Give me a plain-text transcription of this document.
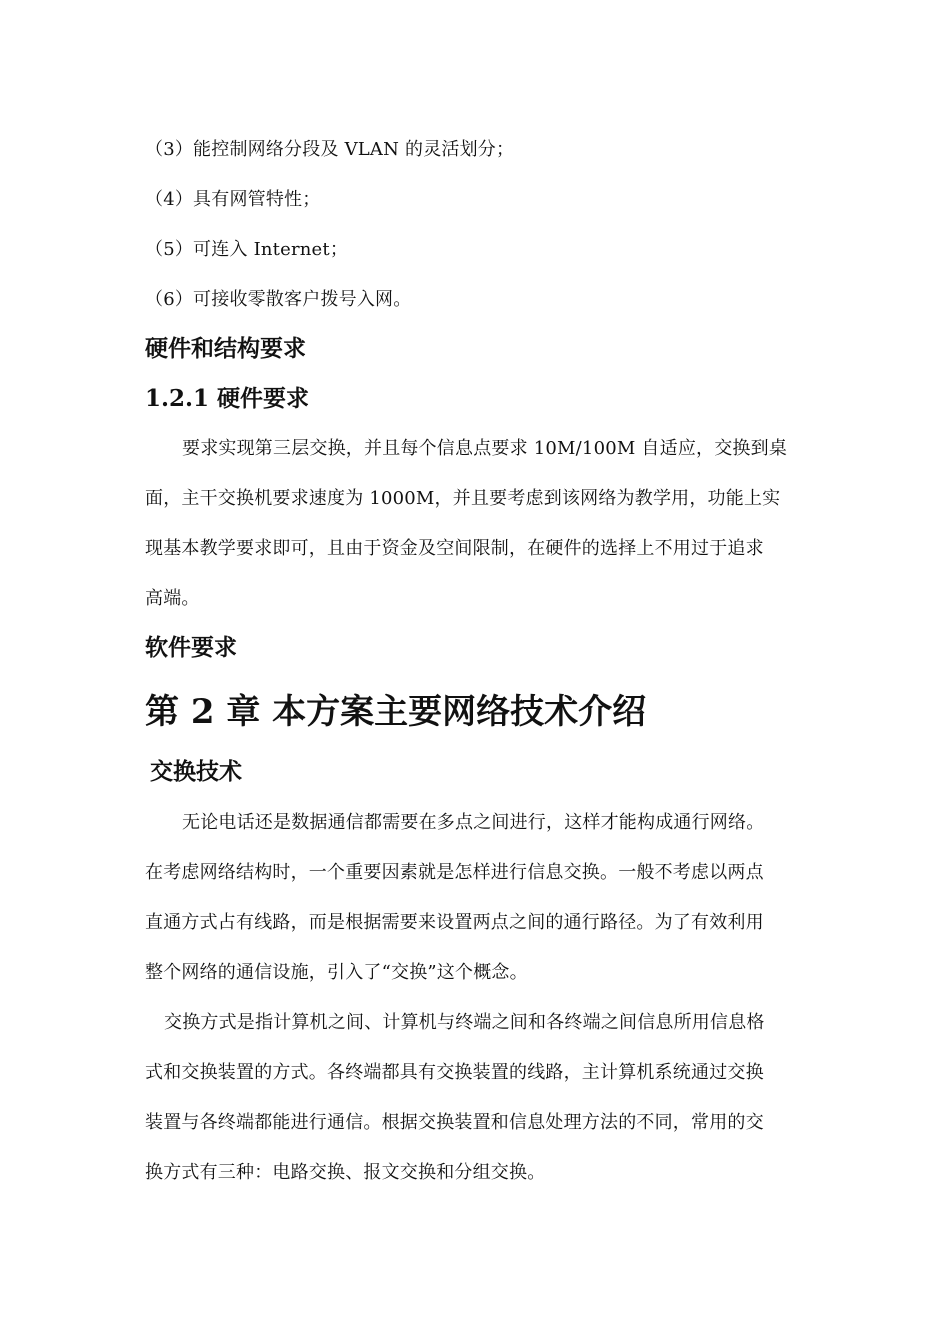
（3）能控制网络分段及 VLAN 的灵活划分；
（4）具有网管特性；
（5）可连入 Internet；
（6）可接收零散客户拨号入网。
硬件和结构要求
1.2.1 硬件要求
要求实现第三层交换，并且每个信息点要求 10M/100M 自适应，交换到桌
面，主干交换机要求速度为 1000M，并且要考虑到该网络为教学用，功能上实
现基本教学要求即可，且由于资金及空间限制，在硬件的选择上不用过于追求
高端。
软件要求
第 2 章 本方案主要网络技术介绍
交换技术
无论电话还是数据通信都需要在多点之间进行，这样才能构成通行网络。
在考虑网络结构时，一个重要因素就是怎样进行信息交换。一般不考虑以两点
直通方式占有线路，而是根据需要来设置两点之间的通行路径。为了有效利用
整个网络的通信设施，引入了“交换”这个概念。
交换方式是指计算机之间、计算机与终端之间和各终端之间信息所用信息格
式和交换装置的方式。各终端都具有交换装置的线路，主计算机系统通过交换
装置与各终端都能进行通信。根据交换装置和信息处理方法的不同，常用的交
换方式有三种：电路交换、报文交换和分组交换。
